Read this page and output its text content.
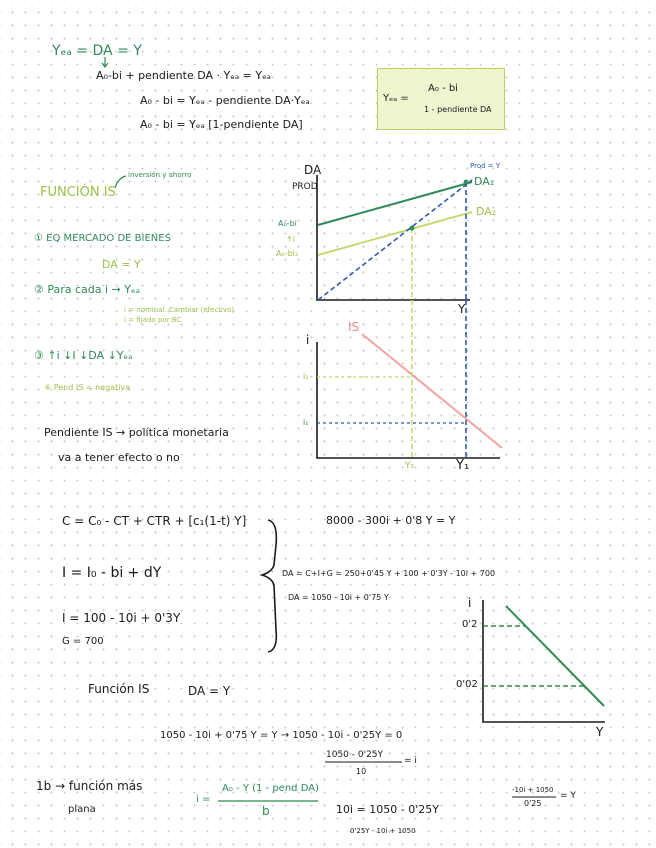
Yₑₐ = DA = Y
A₀-bi + pendiente DA · Yₑₐ = Yₑₐ
A₀ - bi = Yₑₐ - pendiente DA·Yₑₐ
A₀ - bi = Yₑₐ [1-pendiente DA]
Yₑₐ =
A₀ - bi
1 - pendiente DA
inversión y ahorro
FUNCIÓN IS
① EQ MERCADO DE BIENES
DA = Y
② Para cada i → Yₑₐ
i = nominal. Cambiar (efectivo)
i = fijado por BC
③ ↑i ↓I ↓DA ↓Yₑₐ
④ Pend IS = negativa
Pendiente IS → política monetaria
va a tener efecto o no
DA
PROD
Y
A₀-bi
↑i
A₀-bi₂
Prod = Y
DA₁
DA₂
i
IS
i₂
i₁
Y₂	Y₁
C = C₀ - CT + CTR + [c₁(1-t) Y]
I = I₀ - bi + dY
I = 100 - 10i + 0'3Y
G = 700
8000 - 300i + 0'8 Y = Y
DA = C+I+G = 250+0'45 Y + 100 + 0'3Y - 10i + 700
DA = 1050 - 10i + 0'75 Y
Función IS	DA = Y
1050 - 10i + 0'75 Y = Y → 1050 - 10i - 0'25Y = 0
1050 - 0'25Y
= i
10
10i = 1050 - 0'25Y
0'25Y - 10i + 1050
1b → función más
plana
i =
A₀ - Y (1 - pend DA)
b
-10i + 1050
0'25
= Y
i
Y
0'2
0'02
